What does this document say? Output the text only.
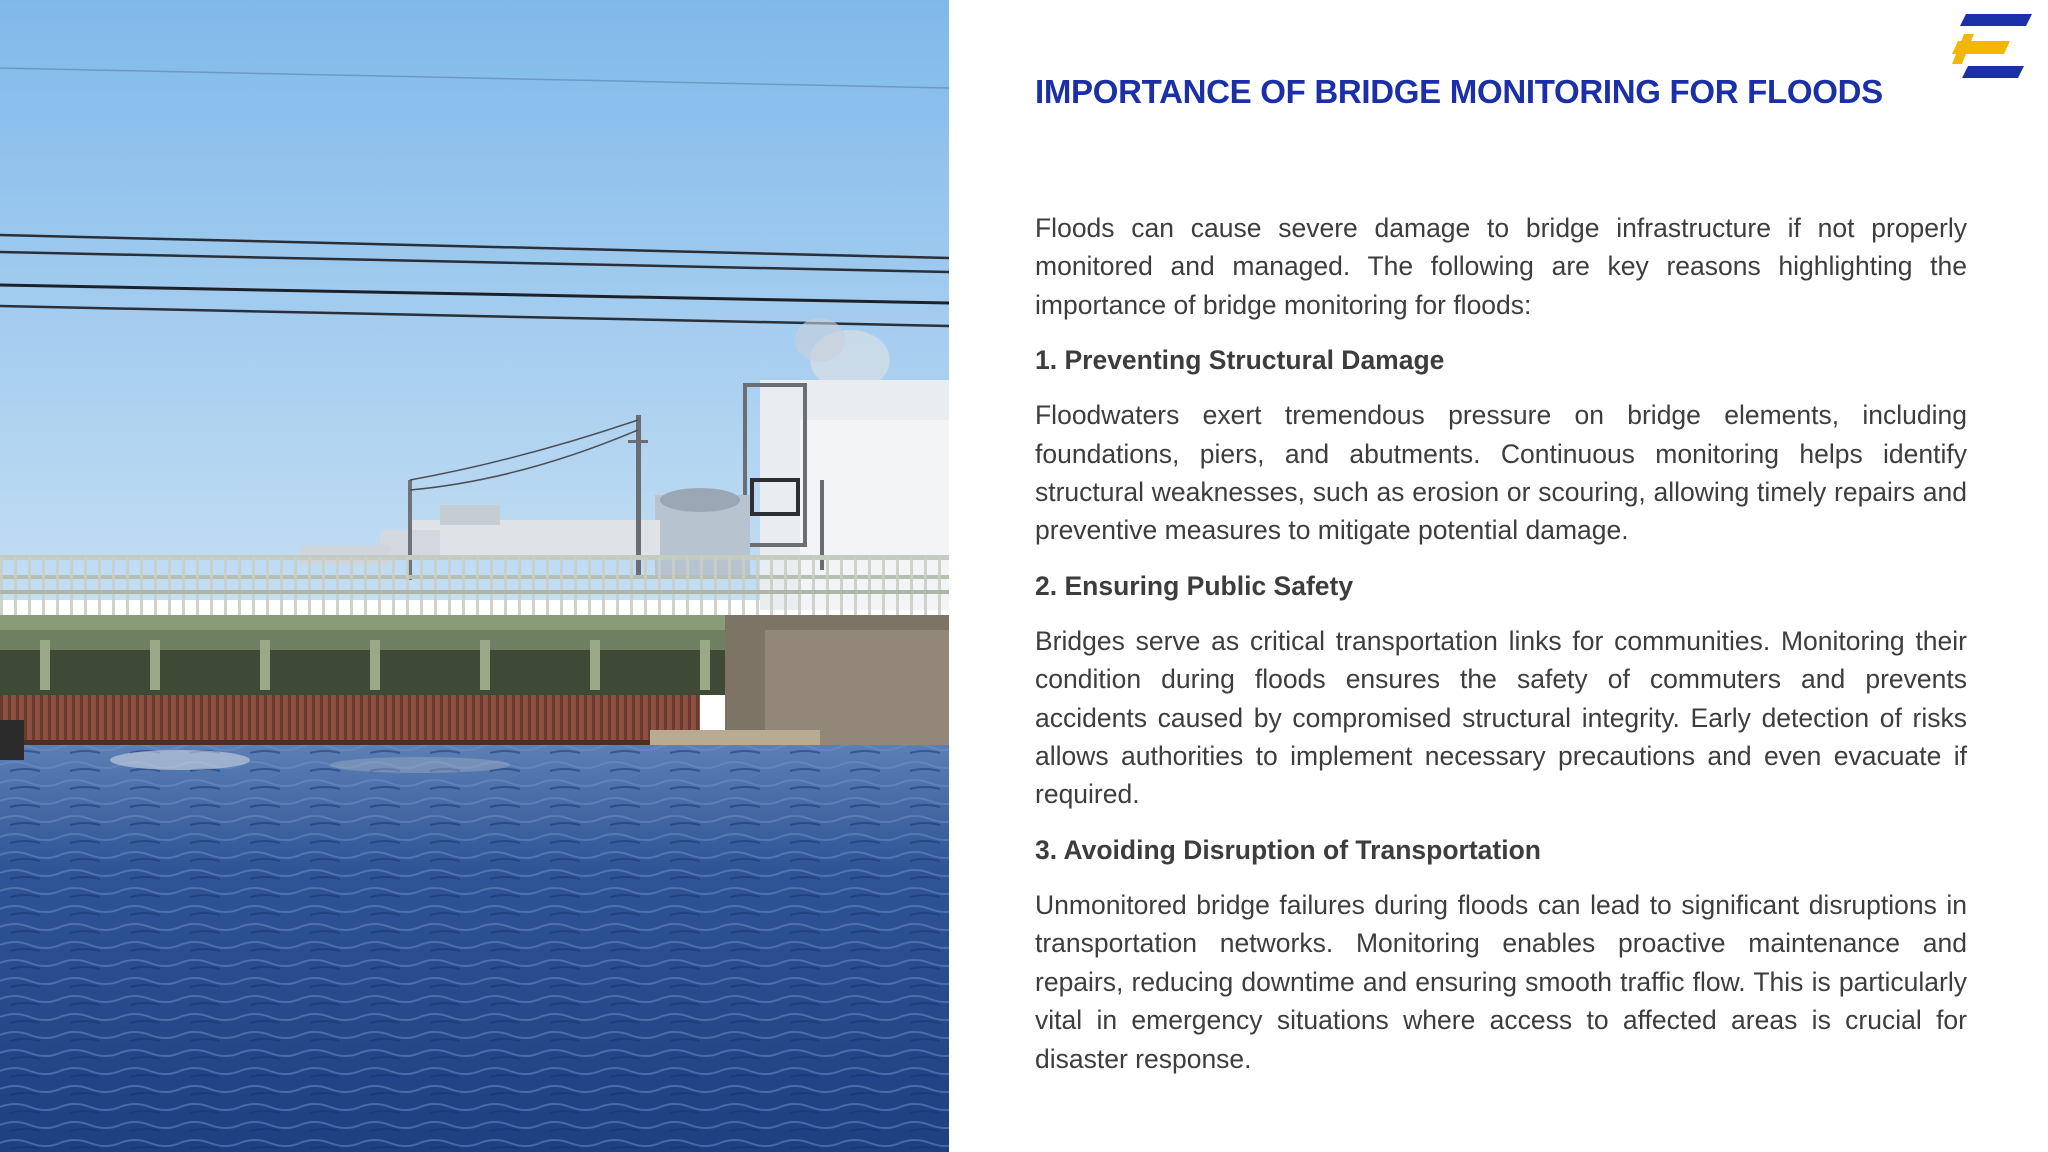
IMPORTANCE OF BRIDGE MONITORING FOR FLOODS

Floods can cause severe damage to bridge infrastructure if not properly monitored and managed. The following are key reasons highlighting the importance of bridge monitoring for floods:

1. Preventing Structural Damage

Floodwaters exert tremendous pressure on bridge elements, including foundations, piers, and abutments. Continuous monitoring helps identify structural weaknesses, such as erosion or scouring, allowing timely repairs and preventive measures to mitigate potential damage.

2. Ensuring Public Safety

Bridges serve as critical transportation links for communities. Monitoring their condition during floods ensures the safety of commuters and prevents accidents caused by compromised structural integrity. Early detection of risks allows authorities to implement necessary precautions and even evacuate if required.

3. Avoiding Disruption of Transportation

Unmonitored bridge failures during floods can lead to significant disruptions in transportation networks. Monitoring enables proactive maintenance and repairs, reducing downtime and ensuring smooth traffic flow. This is particularly vital in emergency situations where access to affected areas is crucial for disaster response.
